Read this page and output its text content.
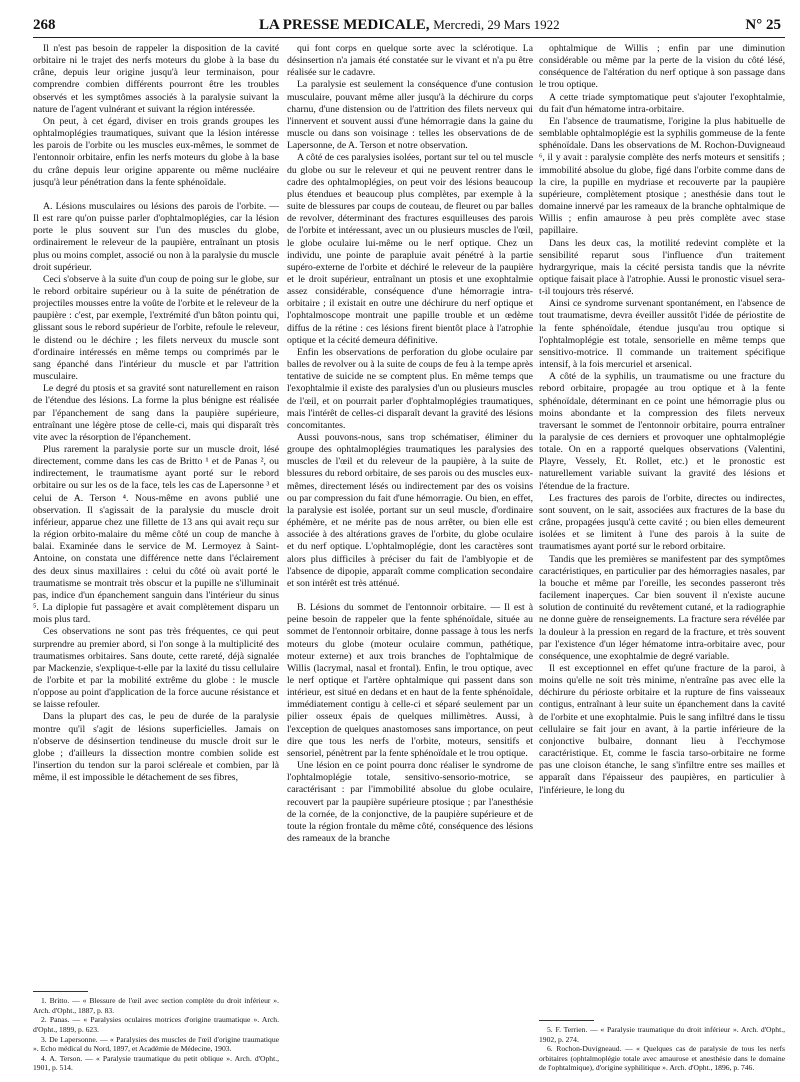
268	LA PRESSE MEDICALE, Mercredi, 29 Mars 1922	N° 25

Il n'est pas besoin de rappeler la disposition de la cavité orbitaire ni le trajet des nerfs moteurs du globe à la base du crâne, depuis leur origine jusqu'à leur terminaison, pour comprendre combien différents pourront être les troubles observés et les symptômes associés à la paralysie suivant la nature de l'agent vulnérant et suivant la région intéressée.

On peut, à cet égard, diviser en trois grands groupes les ophtalmoplégies traumatiques, suivant que la lésion intéresse les parois de l'orbite ou les muscles eux-mêmes, le sommet de l'entonnoir orbitaire, enfin les nerfs moteurs du globe à la base du crâne depuis leur origine apparente ou même nucléaire jusqu'à leur pénétration dans la fente sphénoïdale.

A. Lésions musculaires ou lésions des parois de l'orbite. — Il est rare qu'on puisse parler d'ophtalmoplégies, car la lésion porte le plus souvent sur l'un des muscles du globe, ordinairement le releveur de la paupière, entraînant un ptosis plus ou moins complet, associé ou non à la paralysie du muscle droit supérieur.

Ceci s'observe à la suite d'un coup de poing sur le globe, sur le rebord orbitaire supérieur ou à la suite de pénétration de projectiles mousses entre la voûte de l'orbite et le releveur de la paupière : c'est, par exemple, l'extrémité d'un bâton pointu qui, glissant sous le rebord supérieur de l'orbite, refoule le releveur, le distend ou le déchire ; les filets nerveux du muscle sont d'ordinaire intéressés en même temps ou comprimés par le sang épanché dans l'intérieur du muscle et par l'attrition musculaire.

Le degré du ptosis et sa gravité sont naturellement en raison de l'étendue des lésions. La forme la plus bénigne est réalisée par l'épanchement de sang dans la paupière supérieure, entraînant une légère ptose de celle-ci, mais qui disparaît très vite avec la résorption de l'épanchement.

Plus rarement la paralysie porte sur un muscle droit, lésé directement, comme dans les cas de Britto ¹ et de Panas ², ou indirectement, le traumatisme ayant porté sur le rebord orbitaire ou sur les os de la face, tels les cas de Lapersonne ³ et celui de A. Terson ⁴. Nous-même en avons publié une observation. Il s'agissait de la paralysie du muscle droit inférieur, apparue chez une fillette de 13 ans qui avait reçu sur la région orbito-malaire du même côté un coup de manche à balai. Examinée dans le service de M. Lermoyez à Saint-Antoine, on constata une différence nette dans l'éclairement des deux sinus maxillaires : celui du côté où avait porté le traumatisme se montrait très obscur et la pupille ne s'illuminait pas, indice d'un épanchement sanguin dans l'intérieur du sinus ⁵. La diplopie fut passagère et avait complètement disparu un mois plus tard.

Ces observations ne sont pas très fréquentes, ce qui peut surprendre au premier abord, si l'on songe à la multiplicité des traumatismes orbitaires. Sans doute, cette rareté, déjà signalée par Mackenzie, s'explique-t-elle par la laxité du tissu cellulaire de l'orbite et par la mobilité extrême du globe : le muscle n'oppose au point d'application de la force aucune résistance et se laisse refouler.

Dans la plupart des cas, le peu de durée de la paralysie montre qu'il s'agit de lésions superficielles. Jamais on n'observe de désinsertion tendineuse du muscle droit sur le globe ; d'ailleurs la dissection montre combien solide est l'insertion du tendon sur la paroi scléreale et combien, par là même, il est impossible le détachement de ses fibres,

1. Britto. — « Blessure de l'œil avec section complète du droit inférieur ». Arch. d'Opht., 1887, p. 83.

2. Panas. — « Paralysies oculaires motrices d'origine traumatique ». Arch. d'Opht., 1899, p. 623.

3. De Lapersonne. — « Paralysies des muscles de l'œil d'origine traumatique ». Echo médical du Nord, 1897, et Académie de Médecine, 1903.

4. A. Terson. — « Paralysie traumatique du petit oblique ». Arch. d'Opht., 1901, p. 514.

qui font corps en quelque sorte avec la sclérotique. La désinsertion n'a jamais été constatée sur le vivant et n'a pu être réalisée sur le cadavre.

La paralysie est seulement la conséquence d'une contusion musculaire, pouvant même aller jusqu'à la déchirure du corps charnu, d'une distension ou de l'attrition des filets nerveux qui l'innervent et souvent aussi d'une hémorragie dans la gaine du muscle ou dans son voisinage : telles les observations de de Lapersonne, de A. Terson et notre observation.

A côté de ces paralysies isolées, portant sur tel ou tel muscle du globe ou sur le releveur et qui ne peuvent rentrer dans le cadre des ophtalmoplégies, on peut voir des lésions beaucoup plus étendues et beaucoup plus complètes, par exemple à la suite de blessures par coups de couteau, de fleuret ou par balles de revolver, déterminant des fractures esquilleuses des parois de l'orbite et intéressant, avec un ou plusieurs muscles de l'œil, le globe oculaire lui-même ou le nerf optique. Chez un individu, une pointe de parapluie avait pénétré à la partie supéro-externe de l'orbite et déchiré le releveur de la paupière et le droit supérieur, entraînant un ptosis et une exophtalmie assez considérable, conséquence d'une hémorragie intra-orbitaire ; il existait en outre une déchirure du nerf optique et l'ophtalmoscope montrait une papille trouble et un œdème diffus de la rétine : ces lésions firent bientôt place à l'atrophie optique et la cécité demeura définitive.

Enfin les observations de perforation du globe oculaire par balles de revolver ou à la suite de coups de feu à la tempe après tentative de suicide ne se comptent plus. En même temps que l'exophtalmie il existe des paralysies d'un ou plusieurs muscles de l'œil, et on pourrait parler d'ophtalmoplégies traumatiques, mais l'intérêt de celles-ci disparaît devant la gravité des lésions concomitantes.

Aussi pouvons-nous, sans trop schématiser, éliminer du groupe des ophtalmoplégies traumatiques les paralysies des muscles de l'œil et du releveur de la paupière, à la suite de blessures du rebord orbitaire, de ses parois ou des muscles eux-mêmes, directement lésés ou indirectement par des os voisins ou par compression du fait d'une hémorragie. Ou bien, en effet, la paralysie est isolée, portant sur un seul muscle, d'ordinaire éphémère, et ne mérite pas de nous arrêter, ou bien elle est associée à des altérations graves de l'orbite, du globe oculaire et du nerf optique. L'ophtalmoplégie, dont les caractères sont alors plus difficiles à préciser du fait de l'amblyopie et de l'absence de dipopie, apparaît comme complication secondaire et son intérêt est très atténué.

B. Lésions du sommet de l'entonnoir orbitaire. — Il est à peine besoin de rappeler que la fente sphénoïdale, située au sommet de l'entonnoir orbitaire, donne passage à tous les nerfs moteurs du globe (moteur oculaire commun, pathétique, moteur externe) et aux trois branches de l'ophtalmique de Willis (lacrymal, nasal et frontal). Enfin, le trou optique, avec le nerf optique et l'artère ophtalmique qui passent dans son intérieur, est situé en dedans et en haut de la fente sphénoïdale, immédiatement contigu à celle-ci et séparé seulement par un pilier osseux épais de quelques millimètres. Aussi, à l'exception de quelques anastomoses sans importance, on peut dire que tous les nerfs de l'orbite, moteurs, sensitifs et sensoriel, pénètrent par la fente sphénoïdale et le trou optique.

Une lésion en ce point pourra donc réaliser le syndrome de l'ophtalmoplégie totale, sensitivo-sensorio-motrice, se caractérisant : par l'immobilité absolue du globe oculaire, recouvert par la paupière supérieure ptosique ; par l'anesthésie de la cornée, de la conjonctive, de la paupière supérieure et de toute la région frontale du même côté, conséquence des lésions des rameaux de la branche

ophtalmique de Willis ; enfin par une diminution considérable ou même par la perte de la vision du côté lésé, conséquence de l'altération du nerf optique à son passage dans le trou optique.

A cette triade symptomatique peut s'ajouter l'exophtalmie, du fait d'un hématome intra-orbitaire.

En l'absence de traumatisme, l'origine la plus habituelle de semblable ophtalmoplégie est la syphilis gommeuse de la fente sphénoïdale. Dans les observations de M. Rochon-Duvigneaud ⁶, il y avait : paralysie complète des nerfs moteurs et sensitifs ; immobilité absolue du globe, figé dans l'orbite comme dans de la cire, la pupille en mydriase et recouverte par la paupière supérieure, complètement ptosique ; anesthésie dans tout le domaine innervé par les rameaux de la branche ophtalmique de Willis ; enfin amaurose à peu près complète avec stase papillaire.

Dans les deux cas, la motilité redevint complète et la sensibilité reparut sous l'influence d'un traitement hydrargyrique, mais la cécité persista tandis que la névrite optique faisait place à l'atrophie. Aussi le pronostic visuel sera-t-il toujours très réservé.

Ainsi ce syndrome survenant spontanément, en l'absence de tout traumatisme, devra éveiller aussitôt l'idée de périostite de la fente sphénoïdale, étendue jusqu'au trou optique si l'ophtalmoplégie est totale, sensorielle en même temps que sensitivo-motrice. Il commande un traitement spécifique intensif, à la fois mercuriel et arsenical.

A côté de la syphilis, un traumatisme ou une fracture du rebord orbitaire, propagée au trou optique et à la fente sphénoïdale, déterminant en ce point une hémorragie plus ou moins abondante et la compression des filets nerveux traversant le sommet de l'entonnoir orbitaire, pourra entraîner la paralysie de ces derniers et provoquer une ophtalmoplégie totale. On en a rapporté quelques observations (Valentini, Playre, Vessely, Et. Rollet, etc.) et le pronostic est naturellement variable suivant la gravité des lésions et l'étendue de la fracture.

Les fractures des parois de l'orbite, directes ou indirectes, sont souvent, on le sait, associées aux fractures de la base du crâne, propagées jusqu'à cette cavité ; ou bien elles demeurent isolées et se limitent à l'une des parois à la suite de traumatismes ayant porté sur le rebord orbitaire.

Tandis que les premières se manifestent par des symptômes caractéristiques, en particulier par des hémorragies nasales, par la bouche et même par l'oreille, les secondes passeront très facilement inaperçues. Car bien souvent il n'existe aucune solution de continuité du revêtement cutané, et la radiographie ne donne guère de renseignements. La fracture sera révélée par la douleur à la pression en regard de la fracture, et très souvent par l'existence d'un léger hématome intra-orbitaire avec, pour conséquence, une exophtalmie de degré variable.

Il est exceptionnel en effet qu'une fracture de la paroi, à moins qu'elle ne soit très minime, n'entraîne pas avec elle la déchirure du périoste orbitaire et la rupture de fins vaisseaux contigus, entraînant à leur suite un épanchement dans la cavité de l'orbite et une exophtalmie. Puis le sang infiltré dans le tissu cellulaire se fait jour en avant, à la partie inférieure de la conjonctive bulbaire, donnant lieu à l'ecchymose caractéristique. Et, comme le fascia tarso-orbitaire ne forme pas une cloison étanche, le sang s'infiltre entre ses mailles et apparaît dans l'épaisseur des paupières, en particulier à l'inférieure, le long du

5. F. Terrien. — « Paralysie traumatique du droit inférieur ». Arch. d'Opht., 1902, p. 274.

6. Rochon-Duvigneaud. — « Quelques cas de paralysie de tous les nerfs orbitaires (ophtalmoplégie totale avec amaurose et anesthésie dans le domaine de l'ophtalmique), d'origine syphilitique ». Arch. d'Opht., 1896, p. 746.
